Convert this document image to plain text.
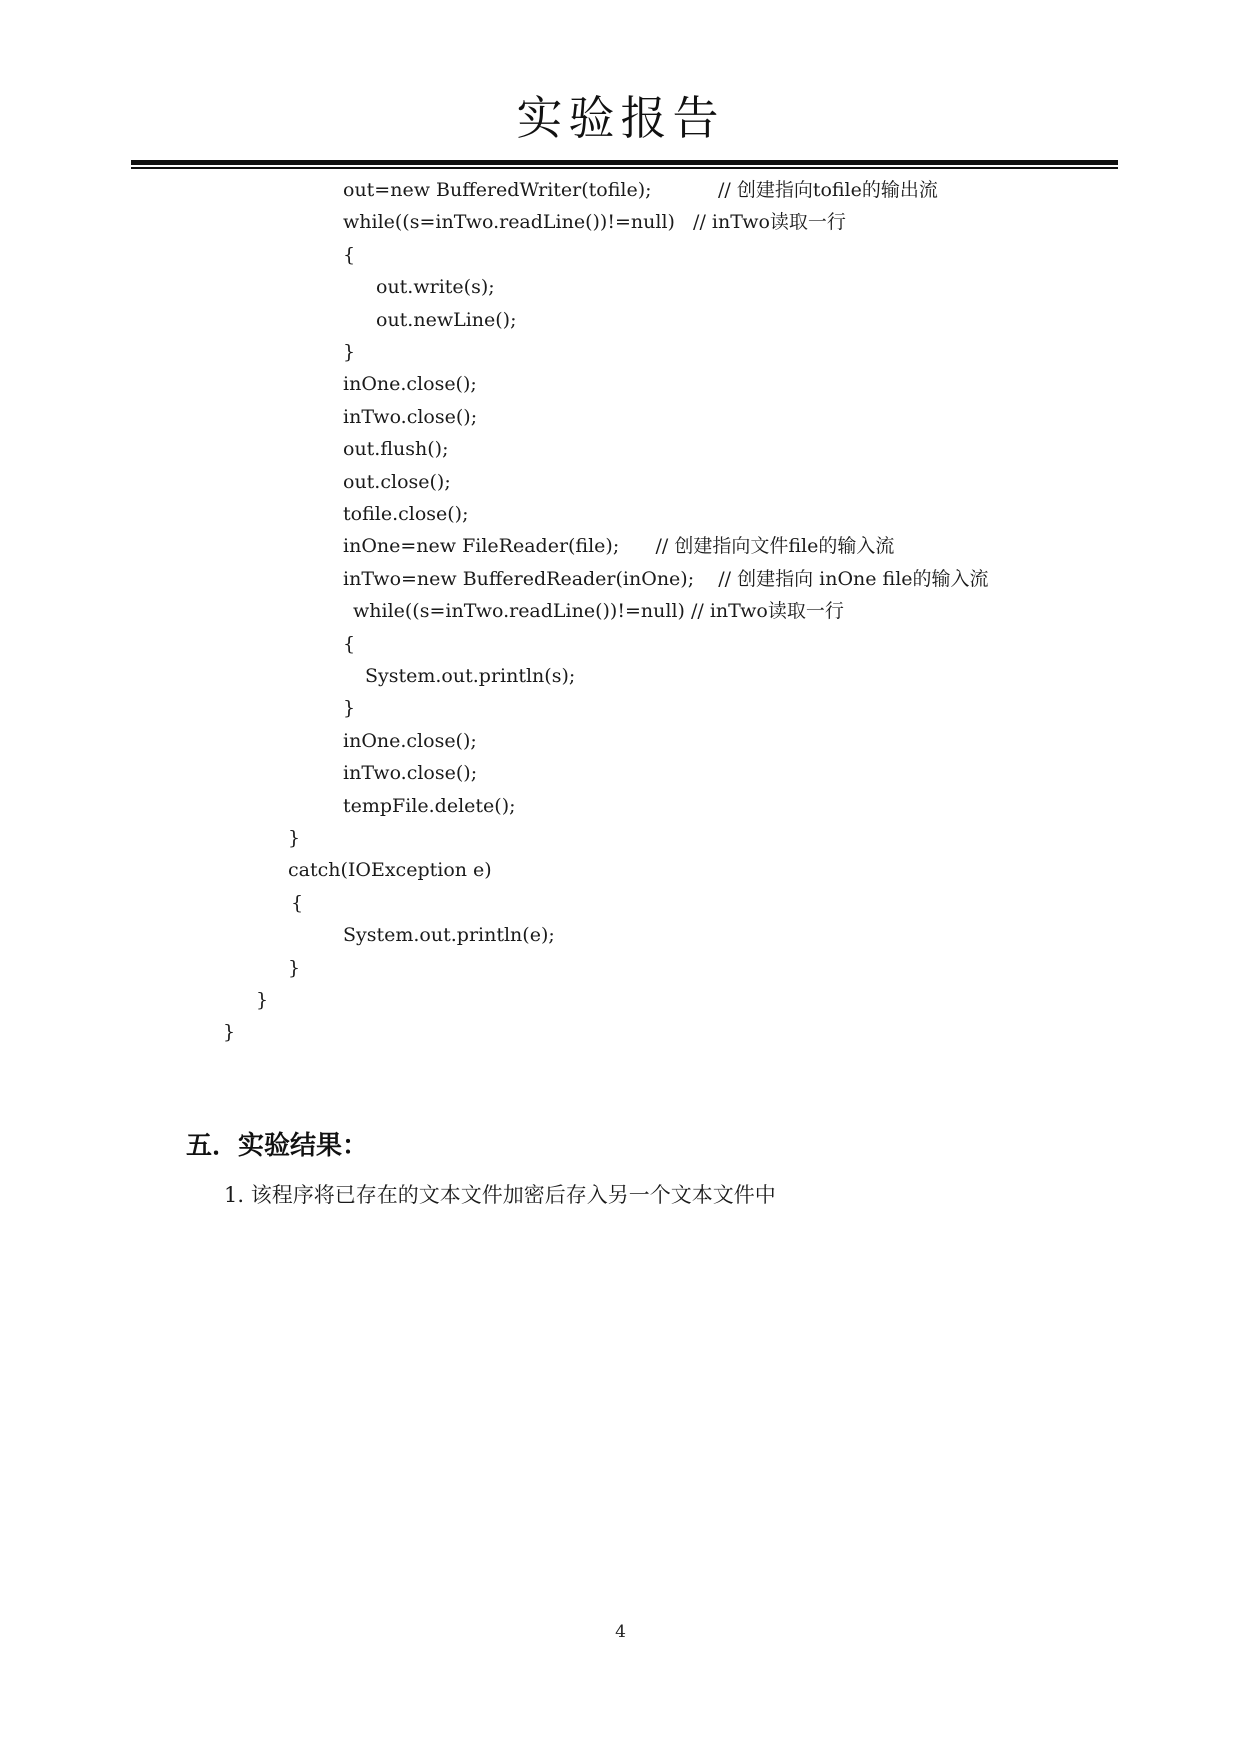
实验报告
out=new BufferedWriter(tofile);           // 创建指向tofile的输出流
while((s=inTwo.readLine())!=null)   // inTwo读取一行
{
out.write(s);
out.newLine();
}
inOne.close();
inTwo.close();
out.flush();
out.close();
tofile.close();
inOne=new FileReader(file);      // 创建指向文件file的输入流
inTwo=new BufferedReader(inOne);    // 创建指向 inOne file的输入流
while((s=inTwo.readLine())!=null) // inTwo读取一行
{
System.out.println(s);
}
inOne.close();
inTwo.close();
tempFile.delete();
}
catch(IOException e)
{
System.out.println(e);
}
}
}
五．实验结果：
1. 该程序将已存在的文本文件加密后存入另一个文本文件中
4
